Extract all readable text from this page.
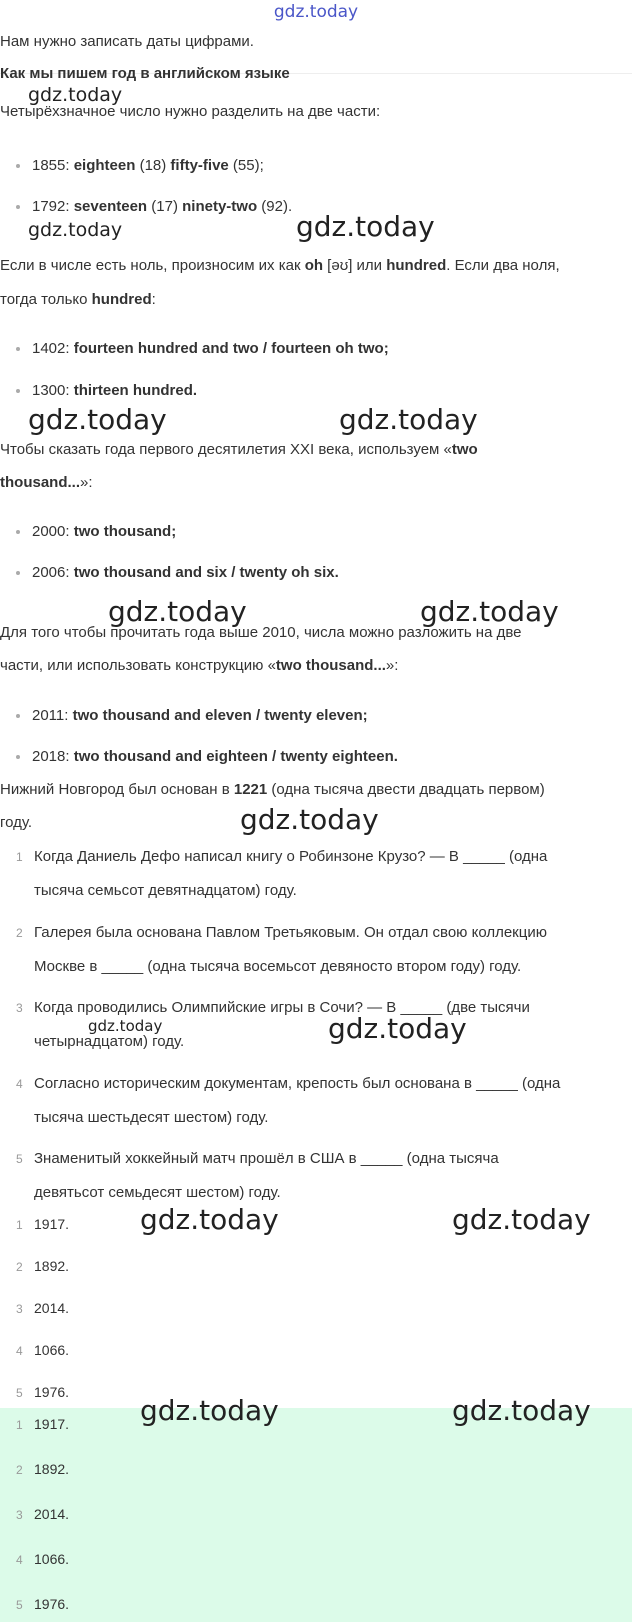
gdz.today
Нам нужно записать даты цифрами.
Как мы пишем год в английском языке
Четырёхзначное число нужно разделить на две части:
1855: eighteen (18) fifty-five (55);
1792: seventeen (17) ninety-two (92).
Если в числе есть ноль, произносим их как oh [əʊ] или hundred. Если два ноля,
тогда только hundred:
1402: fourteen hundred and two / fourteen oh two;
1300: thirteen hundred.
Чтобы сказать года первого десятилетия XXI века, используем «two
thousand...»:
2000: two thousand;
2006: two thousand and six / twenty oh six.
Для того чтобы прочитать года выше 2010, числа можно разложить на две
части, или использовать конструкцию «two thousand...»:
2011: two thousand and eleven / twenty eleven;
2018: two thousand and eighteen / twenty eighteen.
Нижний Новгород был основан в 1221 (одна тысяча двести двадцать первом)
году.
1 Когда Даниель Дефо написал книгу о Робинзоне Крузо? — В _____ (одна
тысяча семьсот девятнадцатом) году.
2 Галерея была основана Павлом Третьяковым. Он отдал свою коллекцию
Москве в _____ (одна тысяча восемьсот девяносто втором году) году.
3 Когда проводились Олимпийские игры в Сочи? — В _____ (две тысячи
четырнадцатом) году.
4 Согласно историческим документам, крепость был основана в _____ (одна
тысяча шестьдесят шестом) году.
5 Знаменитый хоккейный матч прошёл в США в _____ (одна тысяча
девятьсот семьдесят шестом) году.
1 1917.
2 1892.
3 2014.
4 1066.
5 1976.
1 1917.
2 1892.
3 2014.
4 1066.
5 1976.
gdz.today
gdz.today	gdz.today
gdz.today	gdz.today
gdz.today	gdz.today
gdz.today
gdz.today	gdz.today
gdz.today	gdz.today
gdz.today	gdz.today
